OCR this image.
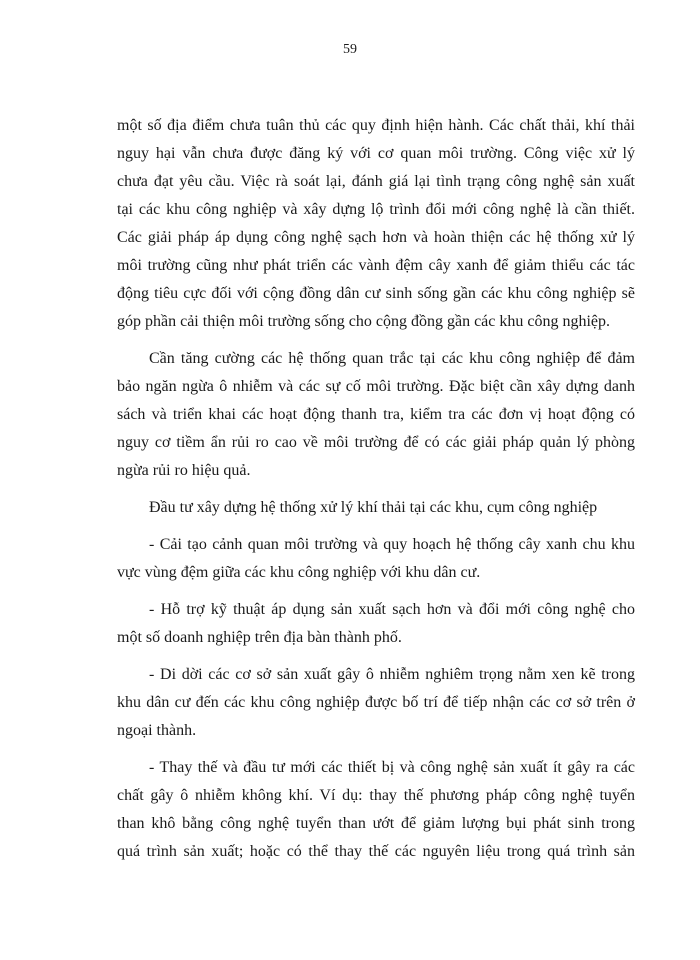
59
một số địa điểm chưa tuân thủ các quy định hiện hành. Các chất thải, khí thải
nguy hại vẫn chưa được đăng ký với cơ quan môi trường. Công việc xử lý
chưa đạt yêu cầu. Việc rà soát lại, đánh giá lại tình trạng công nghệ sản xuất
tại các khu công nghiệp và xây dựng lộ trình đổi mới công nghệ là cần thiết.
Các giải pháp áp dụng công nghệ sạch hơn và hoàn thiện các hệ thống xử lý
môi trường cũng như phát triển các vành đệm cây xanh để giảm thiểu các tác
động tiêu cực đối với cộng đồng dân cư sinh sống gần các khu công nghiệp sẽ
góp phần cải thiện môi trường sống cho cộng đồng gần các khu công nghiệp.
Cần tăng cường các hệ thống quan trắc tại các khu công nghiệp để đảm
bảo ngăn ngừa ô nhiễm và các sự cố môi trường. Đặc biệt cần xây dựng danh
sách và triển khai các hoạt động thanh tra, kiểm tra các đơn vị hoạt động có
nguy cơ tiềm ẩn rủi ro cao về môi trường để có các giải pháp quản lý phòng
ngừa rủi ro hiệu quả.
Đầu tư xây dựng hệ thống xử lý khí thải tại các khu, cụm công nghiệp
- Cải tạo cảnh quan môi trường và quy hoạch hệ thống cây xanh chu khu
vực vùng đệm giữa các khu công nghiệp với khu dân cư.
- Hỗ trợ kỹ thuật áp dụng sản xuất sạch hơn và đổi mới công nghệ cho
một số doanh nghiệp trên địa bàn thành phố.
- Di dời các cơ sở sản xuất gây ô nhiễm nghiêm trọng nằm xen kẽ trong
khu dân cư đến các khu công nghiệp được bố trí để tiếp nhận các cơ sở trên ở
ngoại thành.
- Thay thế và đầu tư mới các thiết bị và công nghệ sản xuất ít gây ra các
chất gây ô nhiễm không khí. Ví dụ: thay thế phương pháp công nghệ tuyển
than khô bằng công nghệ tuyển than ướt để giảm lượng bụi phát sinh trong
quá trình sản xuất; hoặc có thể thay thế các nguyên liệu trong quá trình sản
